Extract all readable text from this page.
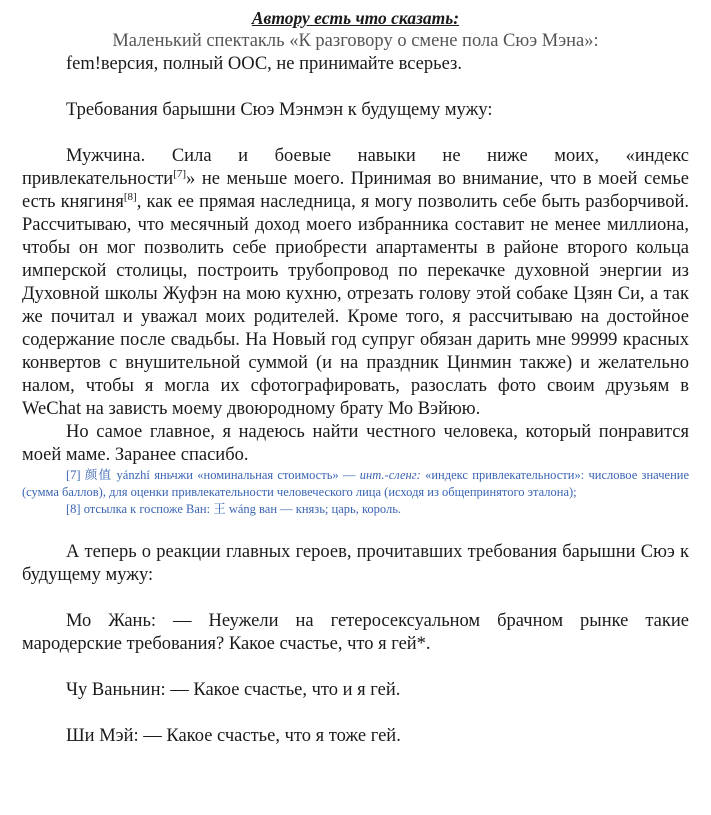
Автору есть что сказать:

Маленький спектакль «К разговору о смене пола Сюэ Мэна»:

fem!версия, полный ООС, не принимайте всерьез.

Требования барышни Сюэ Мэнмэн к будущему мужу:

Мужчина. Сила и боевые навыки не ниже моих, «индекс привлекательности[7]» не меньше моего. Принимая во внимание, что в моей семье есть княгиня[8], как ее прямая наследница, я могу позволить себе быть разборчивой. Рассчитываю, что месячный доход моего избранника составит не менее миллиона, чтобы он мог позволить себе приобрести апартаменты в районе второго кольца имперской столицы, построить трубопровод по перекачке духовной энергии из Духовной школы Жуфэн на мою кухню, отрезать голову этой собаке Цзян Си, а так же почитал и уважал моих родителей. Кроме того, я рассчитываю на достойное содержание после свадьбы. На Новый год супруг обязан дарить мне 99999 красных конвертов с внушительной суммой (и на праздник Цинмин также) и желательно налом, чтобы я могла их сфотографировать, разослать фото своим друзьям в WeChat на зависть моему двоюродному брату Мо Вэйюю.

Но самое главное, я надеюсь найти честного человека, который понравится моей маме. Заранее спасибо.

[7] 颜值 yánzhí яньчжи «номинальная стоимость» — инт.-сленг: «индекс привлекательности»: числовое значение (сумма баллов), для оценки привлекательности человеческого лица (исходя из общепринятого эталона);

[8] отсылка к госпоже Ван: 王 wáng ван — князь; царь, король.

А теперь о реакции главных героев, прочитавших требования барышни Сюэ к будущему мужу:

Мо Жань: — Неужели на гетеросексуальном брачном рынке такие мародерские требования? Какое счастье, что я гей*.

Чу Ваньнин: — Какое счастье, что и я гей.

Ши Мэй: — Какое счастье, что я тоже гей.
